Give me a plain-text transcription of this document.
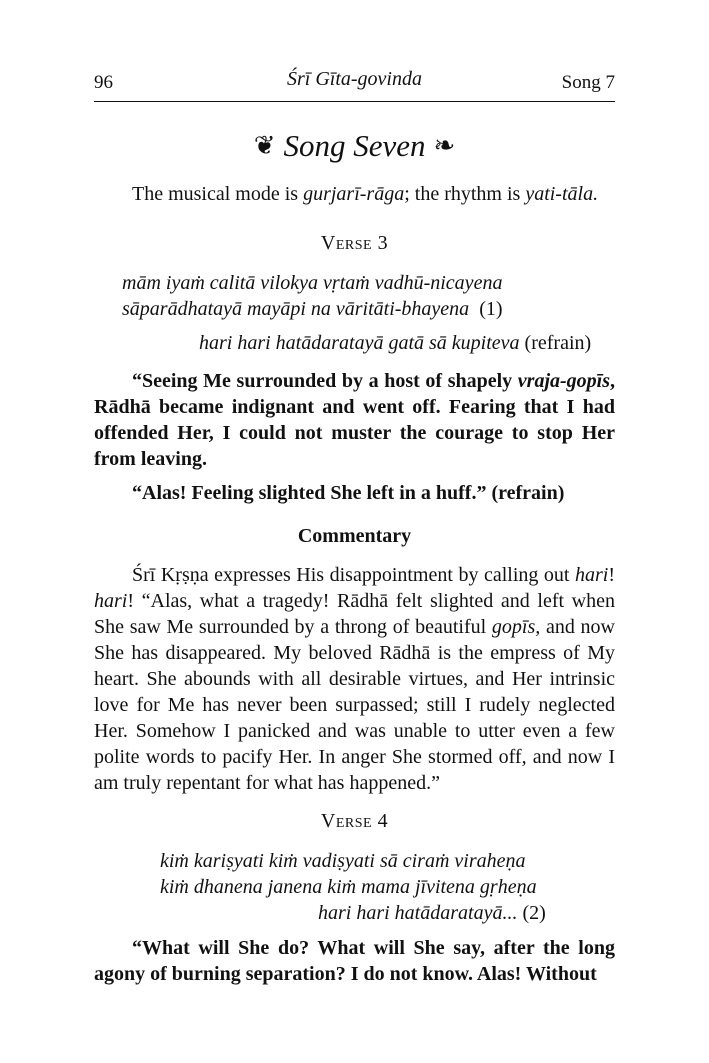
96	Śrī Gīta-govinda	Song 7
❦ Song Seven ❧
The musical mode is gurjarī-rāga; the rhythm is yati-tāla.
Verse 3
mām iyaṁ calitā vilokya vṛtaṁ vadhū-nicayena
sāparādhatayā mayāpi na vāritāti-bhayena (1)
hari hari hatādaratayā gatā sā kupiteva (refrain)
“Seeing Me surrounded by a host of shapely vraja-gopīs, Rādhā became indignant and went off. Fearing that I had offended Her, I could not muster the courage to stop Her from leaving.
“Alas! Feeling slighted She left in a huff.” (refrain)
Commentary
Śrī Kṛṣṇa expresses His disappointment by calling out hari! hari! “Alas, what a tragedy! Rādhā felt slighted and left when She saw Me surrounded by a throng of beautiful gopīs, and now She has disappeared. My beloved Rādhā is the empress of My heart. She abounds with all desirable virtues, and Her intrinsic love for Me has never been surpassed; still I rudely neglected Her. Somehow I panicked and was unable to utter even a few polite words to pacify Her. In anger She stormed off, and now I am truly repentant for what has happened.”
Verse 4
kiṁ kariṣyati kiṁ vadiṣyati sā ciraṁ viraheṇa
kiṁ dhanena janena kiṁ mama jīvitena gṛheṇa
hari hari hatādaratayā... (2)
“What will She do? What will She say, after the long agony of burning separation? I do not know. Alas! Without
